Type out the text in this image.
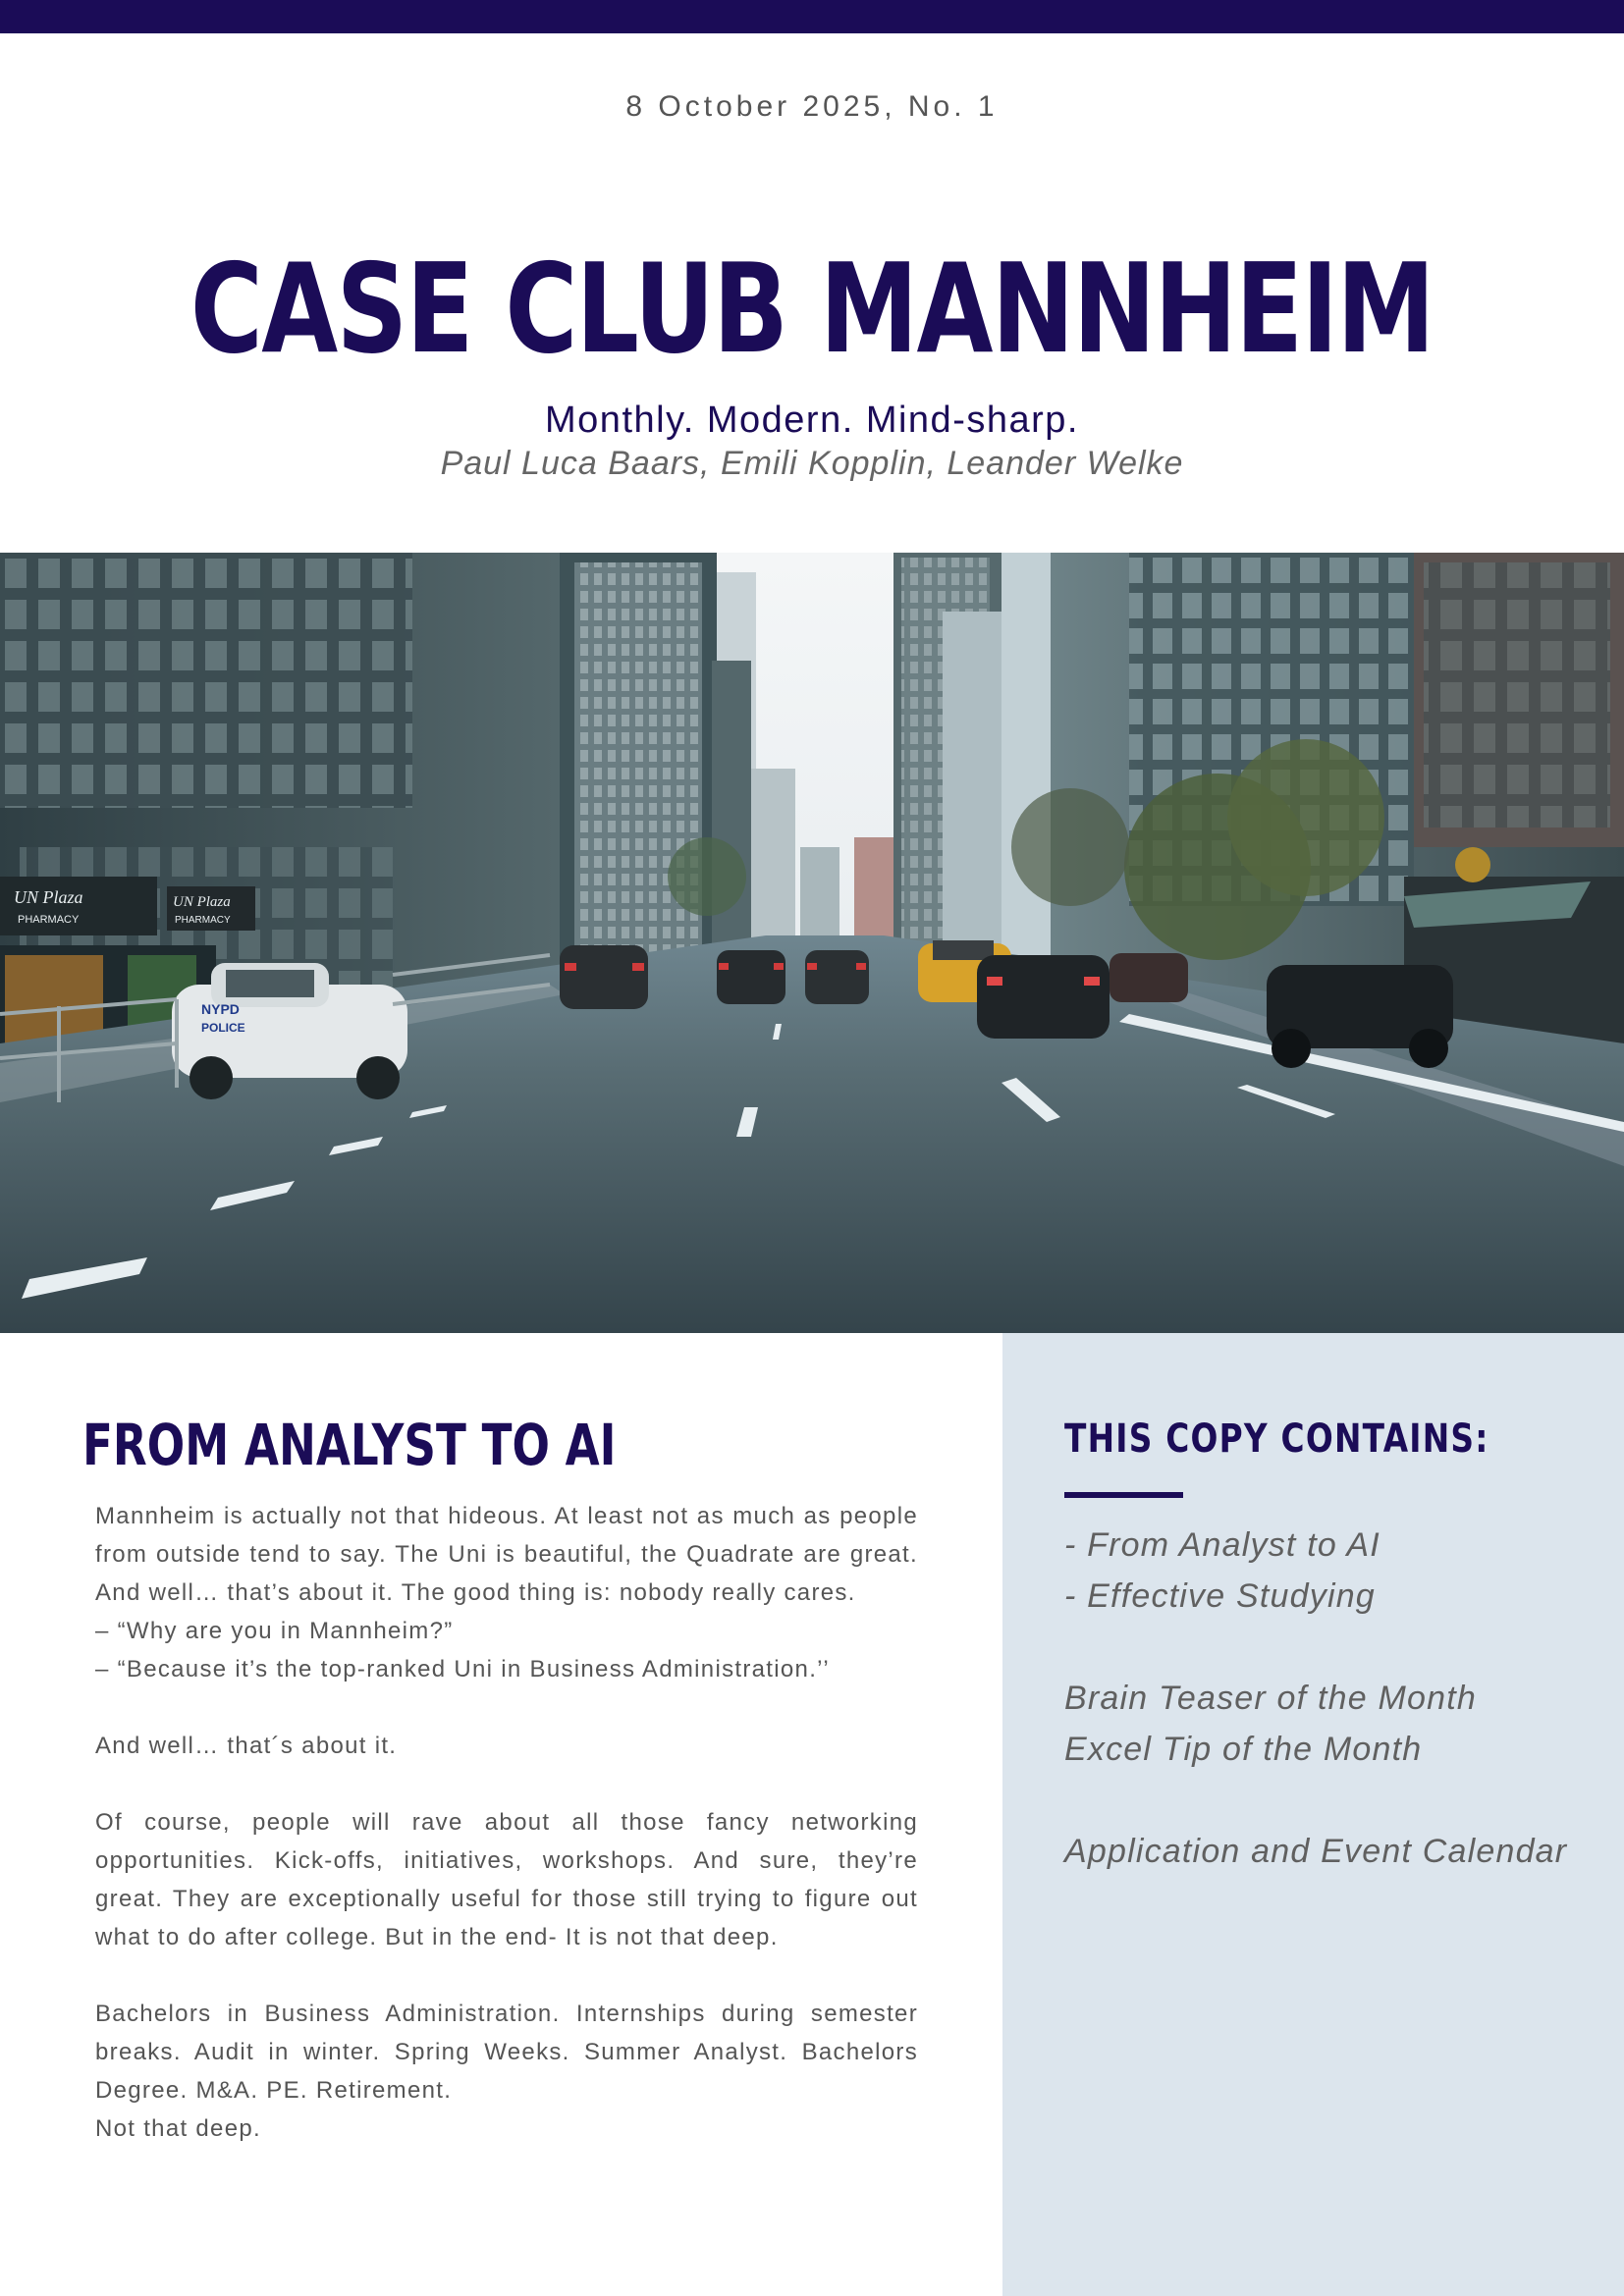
8 October 2025, No. 1
CASE CLUB MANNHEIM
Monthly. Modern. Mind-sharp.
Paul Luca Baars, Emili Kopplin, Leander Welke
UN Plaza
PHARMACY
UN Plaza
PHARMACY
NYPD
POLICE
FROM ANALYST TO AI

Mannheim is actually not that hideous. At least not as much as people from outside tend to say. The Uni is beautiful, the Quadrate are great. And well… that’s about it. The good thing is: nobody really cares.
– “Why are you in Mannheim?”
– “Because it’s the top-ranked Uni in Business Administration.’’

And well… that´s about it.

Of course, people will rave about all those fancy networking opportunities. Kick-offs, initiatives, workshops. And sure, they’re great. They are exceptionally useful for those still trying to figure out what to do after college. But in the end- It is not that deep.

Bachelors in Business Administration. Internships during semester breaks. Audit in winter. Spring Weeks. Summer Analyst. Bachelors Degree. M&A. PE. Retirement.
Not that deep.

THIS COPY CONTAINS:
- From Analyst to AI
- Effective Studying
Brain Teaser of the Month
Excel Tip of the Month
Application and Event Calendar
